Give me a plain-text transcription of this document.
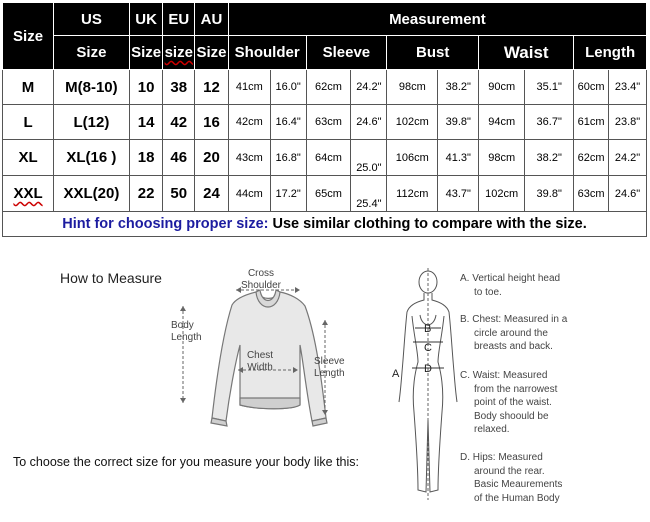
Size	US	UK	EU	AU	Measurement									
	Size	Size	size	Size	Shoulder		Sleeve		Bust		Waist		Length	
M	M(8-10)	10	38	12	41cm	16.0"	62cm	24.2"	98cm	38.2"	90cm	35.1"	60cm	23.4"
L	L(12)	14	42	16	42cm	16.4"	63cm	24.6"	102cm	39.8"	94cm	36.7"	61cm	23.8"
XL	XL(16 )	18	46	20	43cm	16.8"	64cm	25.0"	106cm	41.3"	98cm	38.2"	62cm	24.2"
XXL	XXL(20)	22	50	24	44cm	17.2"	65cm	25.4"	112cm	43.7"	102cm	39.8"	63cm	24.6"
Hint for choosing proper size: Use similar clothing to compare with the size.														
How to Measure	Cross
Shoulder
Body
Length
Chest
Width
Sleeve
Length	A
B
C
D
To choose the correct size for you measure your body like this:
A. Vertical height head

to toe.
B. Chest: Measured in a

circle around the
breasts and back.
C. Waist: Measured

from the narrowest
point of the waist.
Body shoould be
relaxed.
D. Hips: Measured

around the rear.
Basic Meaurements
of the Human Body
